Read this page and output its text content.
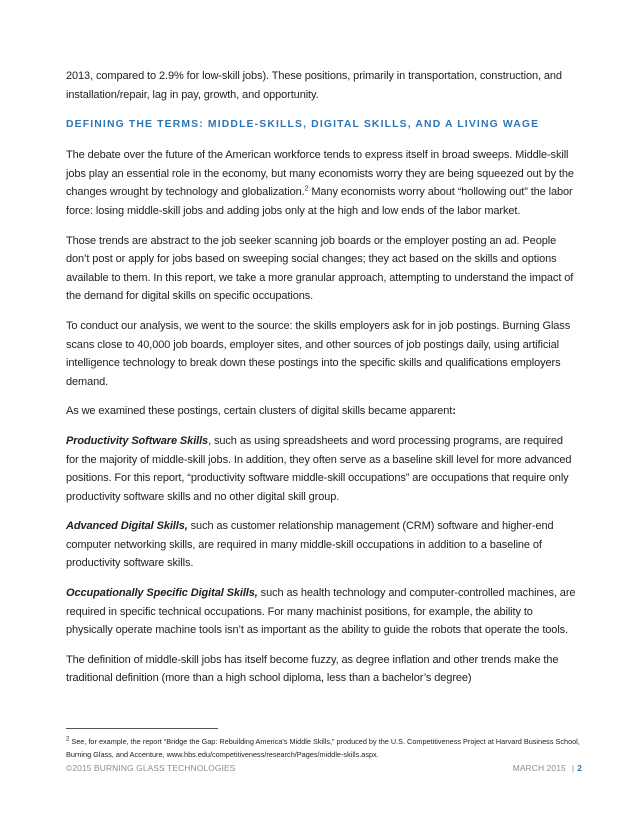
2013, compared to 2.9% for low-skill jobs). These positions, primarily in transportation, construction, and installation/repair, lag in pay, growth, and opportunity.

DEFINING THE TERMS: MIDDLE-SKILLS, DIGITAL SKILLS, AND A LIVING WAGE

The debate over the future of the American workforce tends to express itself in broad sweeps. Middle-skill jobs play an essential role in the economy, but many economists worry they are being squeezed out by the changes wrought by technology and globalization.$^2$ Many economists worry about “hollowing out” the labor force: losing middle-skill jobs and adding jobs only at the high and low ends of the labor market.

Those trends are abstract to the job seeker scanning job boards or the employer posting an ad. People don’t post or apply for jobs based on sweeping social changes; they act based on the skills and options available to them. In this report, we take a more granular approach, attempting to understand the impact of the demand for digital skills on specific occupations.

To conduct our analysis, we went to the source: the skills employers ask for in job postings. Burning Glass scans close to 40,000 job boards, employer sites, and other sources of job postings daily, using artificial intelligence technology to break down these postings into the specific skills and qualifications employers demand.

As we examined these postings, certain clusters of digital skills became apparent:

Productivity Software Skills, such as using spreadsheets and word processing programs, are required for the majority of middle-skill jobs. In addition, they often serve as a baseline skill level for more advanced positions. For this report, “productivity software middle-skill occupations” are occupations that require only productivity software skills and no other digital skill group.

Advanced Digital Skills, such as customer relationship management (CRM) software and higher-end computer networking skills, are required in many middle-skill occupations in addition to a baseline of productivity software skills.

Occupationally Specific Digital Skills, such as health technology and computer-controlled machines, are required in specific technical occupations. For many machinist positions, for example, the ability to physically operate machine tools isn’t as important as the ability to guide the robots that operate the tools.

The definition of middle-skill jobs has itself become fuzzy, as degree inflation and other trends make the traditional definition (more than a high school diploma, less than a bachelor’s degree)

$^2$ See, for example, the report “Bridge the Gap: Rebuilding America’s Middle Skills,” produced by the U.S. Competitiveness Project at Harvard Business School, Burning Glass, and Accenture, www.hbs.edu/competitiveness/research/Pages/middle-skills.aspx.
©2015 BURNING GLASS TECHNOLOGIES	MARCH 2015 | 2
